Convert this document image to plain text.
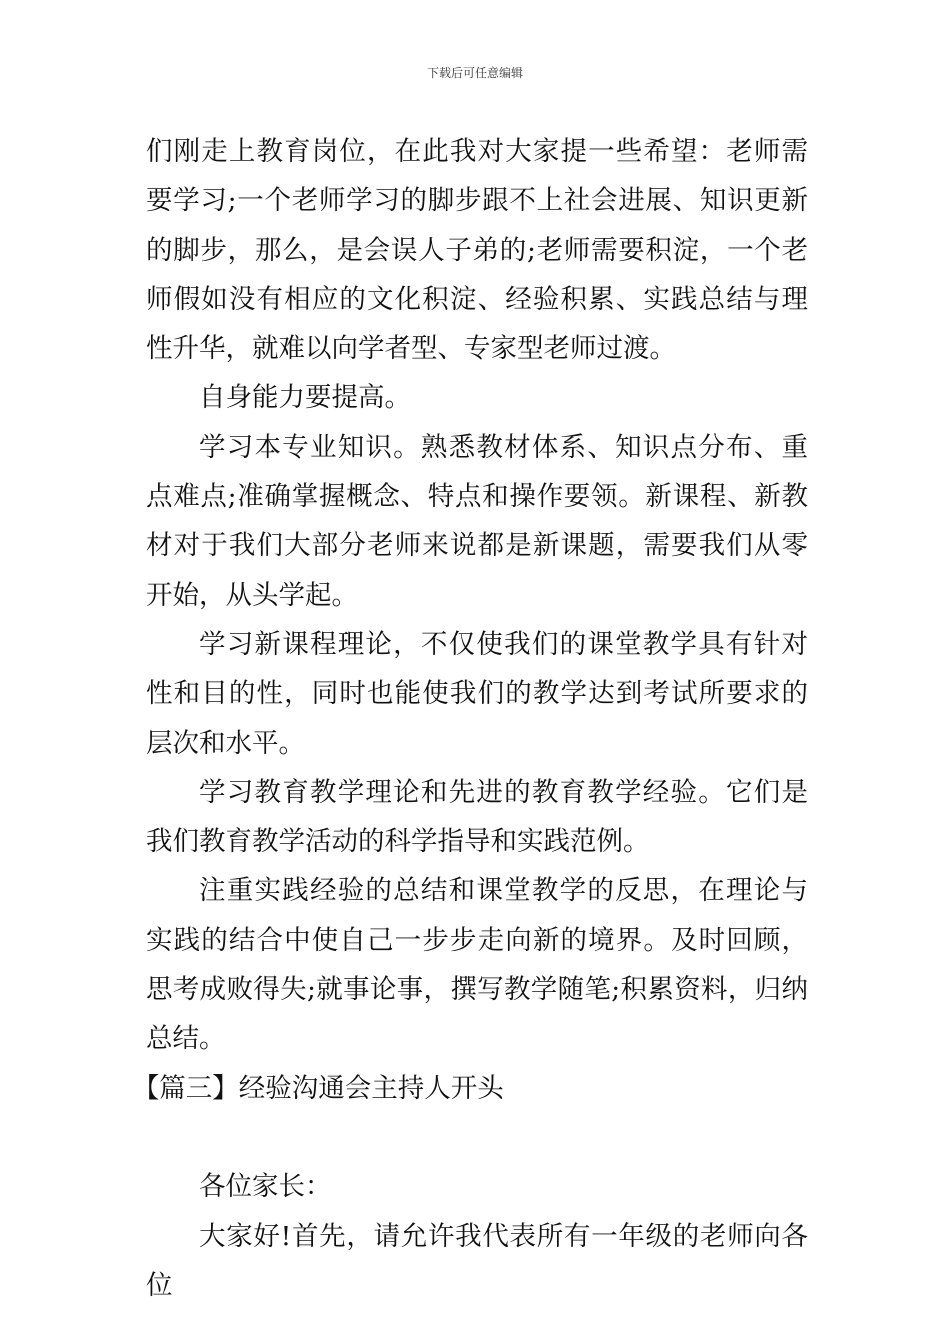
下载后可任意编辑

们刚走上教育岗位，在此我对大家提一些希望：老师需要学习;一个老师学习的脚步跟不上社会进展、知识更新的脚步，那么，是会误人子弟的;老师需要积淀，一个老师假如没有相应的文化积淀、经验积累、实践总结与理性升华，就难以向学者型、专家型老师过渡。

自身能力要提高。

学习本专业知识。熟悉教材体系、知识点分布、重点难点;准确掌握概念、特点和操作要领。新课程、新教材对于我们大部分老师来说都是新课题，需要我们从零开始，从头学起。

学习新课程理论，不仅使我们的课堂教学具有针对性和目的性，同时也能使我们的教学达到考试所要求的层次和水平。

学习教育教学理论和先进的教育教学经验。它们是我们教育教学活动的科学指导和实践范例。

注重实践经验的总结和课堂教学的反思，在理论与实践的结合中使自己一步步走向新的境界。及时回顾，思考成败得失;就事论事，撰写教学随笔;积累资料，归纳总结。

【篇三】经验沟通会主持人开头

各位家长：

大家好!首先，请允许我代表所有一年级的老师向各位
